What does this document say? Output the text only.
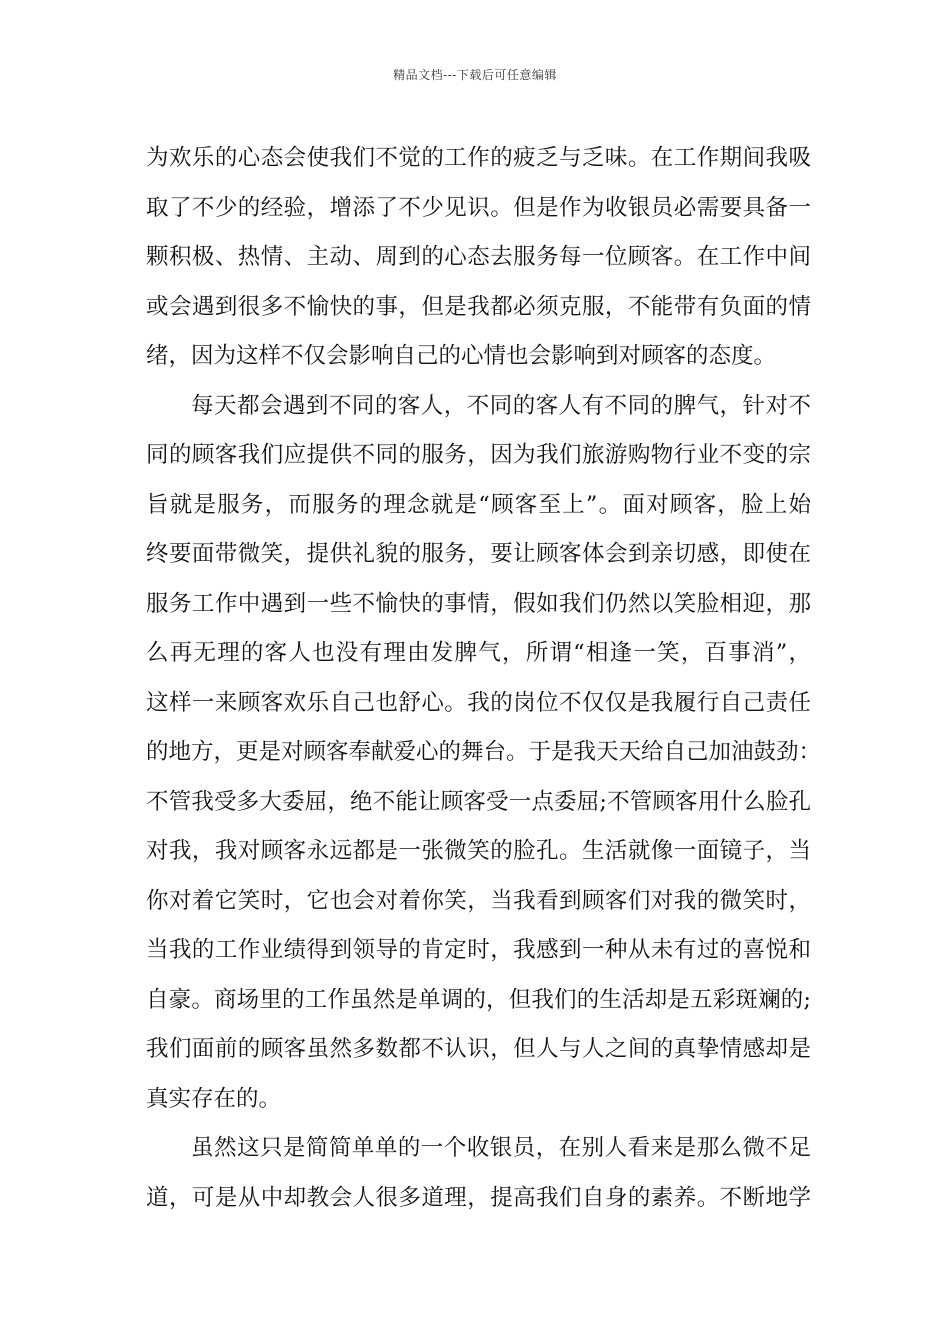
精品文档---下载后可任意编辑
为欢乐的心态会使我们不觉的工作的疲乏与乏味。在工作期间我吸
取了不少的经验，增添了不少见识。但是作为收银员必需要具备一
颗积极、热情、主动、周到的心态去服务每一位顾客。在工作中间
或会遇到很多不愉快的事，但是我都必须克服，不能带有负面的情
绪，因为这样不仅会影响自己的心情也会影响到对顾客的态度。
每天都会遇到不同的客人，不同的客人有不同的脾气，针对不
同的顾客我们应提供不同的服务，因为我们旅游购物行业不变的宗
旨就是服务，而服务的理念就是“顾客至上”。面对顾客，脸上始
终要面带微笑，提供礼貌的服务，要让顾客体会到亲切感，即使在
服务工作中遇到一些不愉快的事情，假如我们仍然以笑脸相迎，那
么再无理的客人也没有理由发脾气，所谓“相逢一笑，百事消”，
这样一来顾客欢乐自己也舒心。我的岗位不仅仅是我履行自己责任
的地方，更是对顾客奉献爱心的舞台。于是我天天给自己加油鼓劲：
不管我受多大委屈，绝不能让顾客受一点委屈;不管顾客用什么脸孔
对我，我对顾客永远都是一张微笑的脸孔。生活就像一面镜子，当
你对着它笑时，它也会对着你笑，当我看到顾客们对我的微笑时，
当我的工作业绩得到领导的肯定时，我感到一种从未有过的喜悦和
自豪。商场里的工作虽然是单调的，但我们的生活却是五彩斑斓的;
我们面前的顾客虽然多数都不认识，但人与人之间的真挚情感却是
真实存在的。
虽然这只是简简单单的一个收银员，在别人看来是那么微不足
道，可是从中却教会人很多道理，提高我们自身的素养。不断地学
